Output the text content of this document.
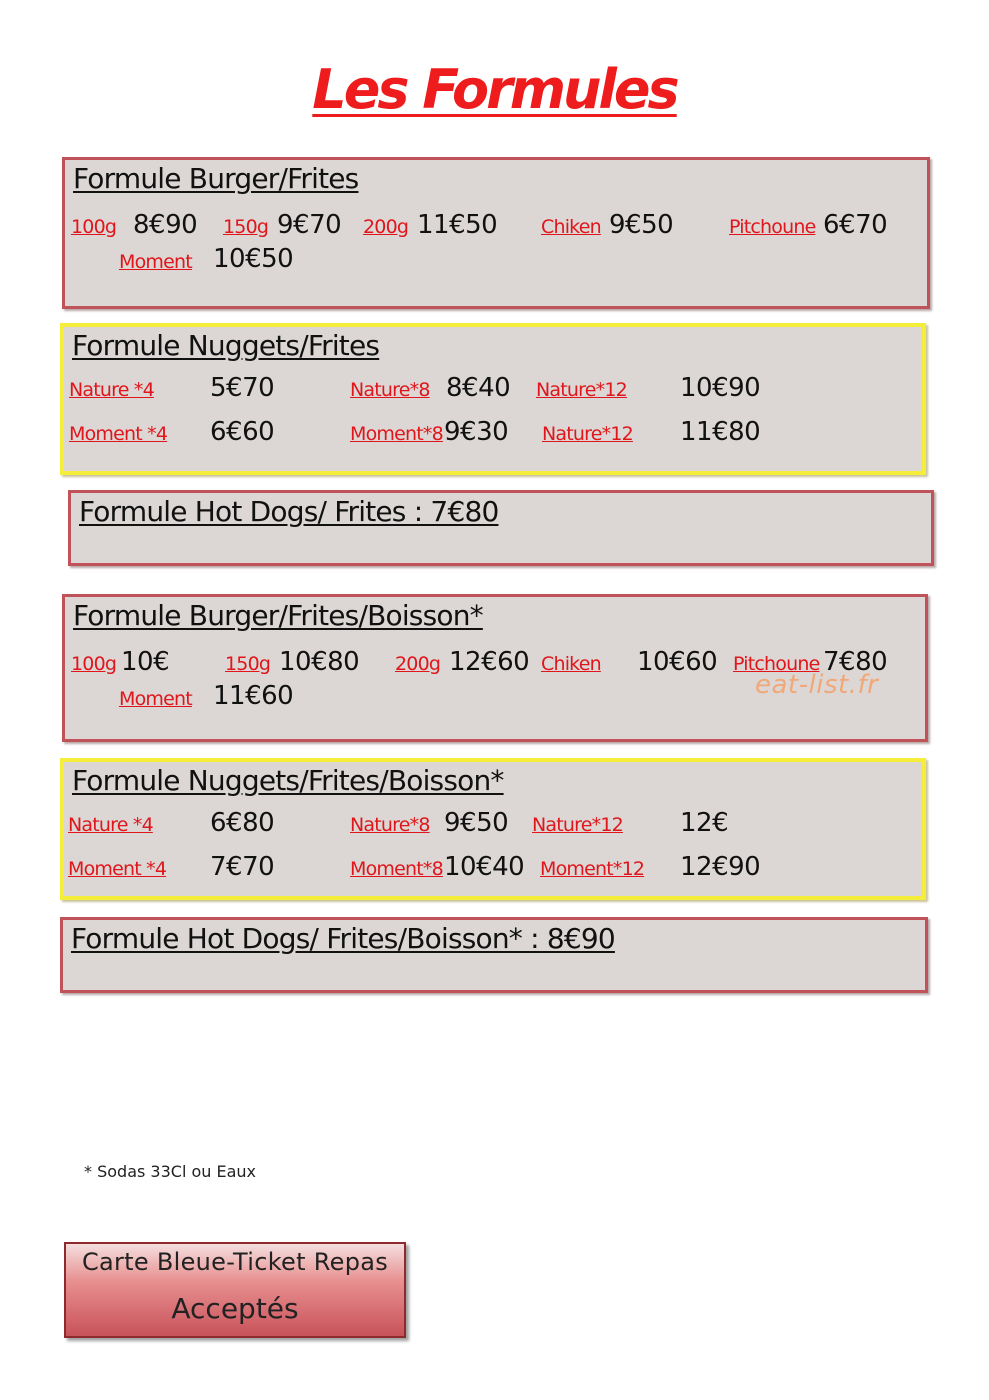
Les Formules
Formule Burger/Frites
100g 8€90 150g 9€70 200g 11€50 Chiken 9€50	Pitchoune 6€70
Moment 10€50
Formule Nuggets/Frites
Nature *4 5€70	Nature*8 8€40 Nature*12 10€90
Moment *4 6€60	Moment*8 9€30 Nature*12 11€80
Formule Hot Dogs/ Frites : 7€80
Formule Burger/Frites/Boisson*
100g 10€	150g 10€80 200g 12€60 Chiken 10€60 Pitchoune 7€80
Moment 11€60	eat-list.fr
Formule Nuggets/Frites/Boisson*
Nature *4 6€80	Nature*8 9€50 Nature*12 12€
Moment *4 7€70	Moment*8 10€40 Moment*12 12€90
Formule Hot Dogs/ Frites/Boisson* : 8€90
* Sodas 33Cl ou Eaux
Carte Bleue-Ticket Repas
Acceptés
